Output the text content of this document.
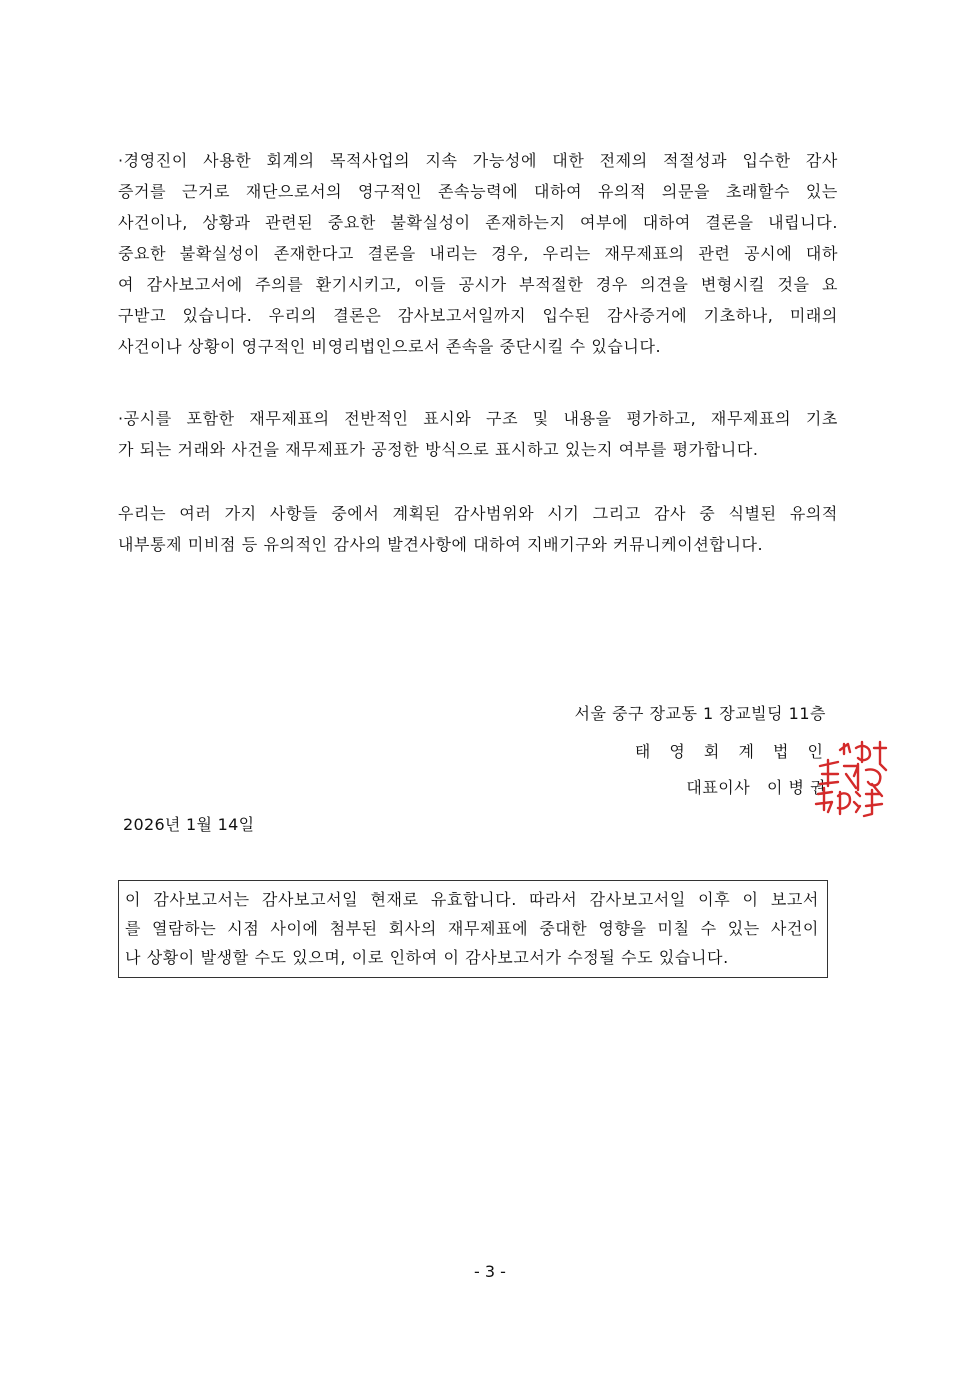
·경영진이 사용한 회계의 목적사업의 지속 가능성에 대한 전제의 적절성과 입수한 감사
증거를 근거로 재단으로서의 영구적인 존속능력에 대하여 유의적 의문을 초래할수 있는
사건이나, 상황과 관련된 중요한 불확실성이 존재하는지 여부에 대하여 결론을 내립니다.
중요한 불확실성이 존재한다고 결론을 내리는 경우, 우리는 재무제표의 관련 공시에 대하
여 감사보고서에 주의를 환기시키고, 이들 공시가 부적절한 경우 의견을 변형시킬 것을 요
구받고 있습니다. 우리의 결론은 감사보고서일까지 입수된 감사증거에 기초하나, 미래의
사건이나 상황이 영구적인 비영리법인으로서 존속을 중단시킬 수 있습니다.
·공시를 포함한 재무제표의 전반적인 표시와 구조 및 내용을 평가하고, 재무제표의 기초
가 되는 거래와 사건을 재무제표가 공정한 방식으로 표시하고 있는지 여부를 평가합니다.
우리는 여러 가지 사항들 중에서 계획된 감사범위와 시기 그리고 감사 중 식별된 유의적
내부통제 미비점 등 유의적인 감사의 발견사항에 대하여 지배기구와 커뮤니케이션합니다.
서울 중구 장교동 1 장교빌딩 11층
태 영 회 계 법 인
대표이사   이 병 권
2026년 1월 14일
이 감사보고서는 감사보고서일 현재로 유효합니다. 따라서 감사보고서일 이후 이 보고서
를 열람하는 시점 사이에 첨부된 회사의 재무제표에 중대한 영향을 미칠 수 있는 사건이
나 상황이 발생할 수도 있으며, 이로 인하여 이 감사보고서가 수정될 수도 있습니다.
- 3 -
